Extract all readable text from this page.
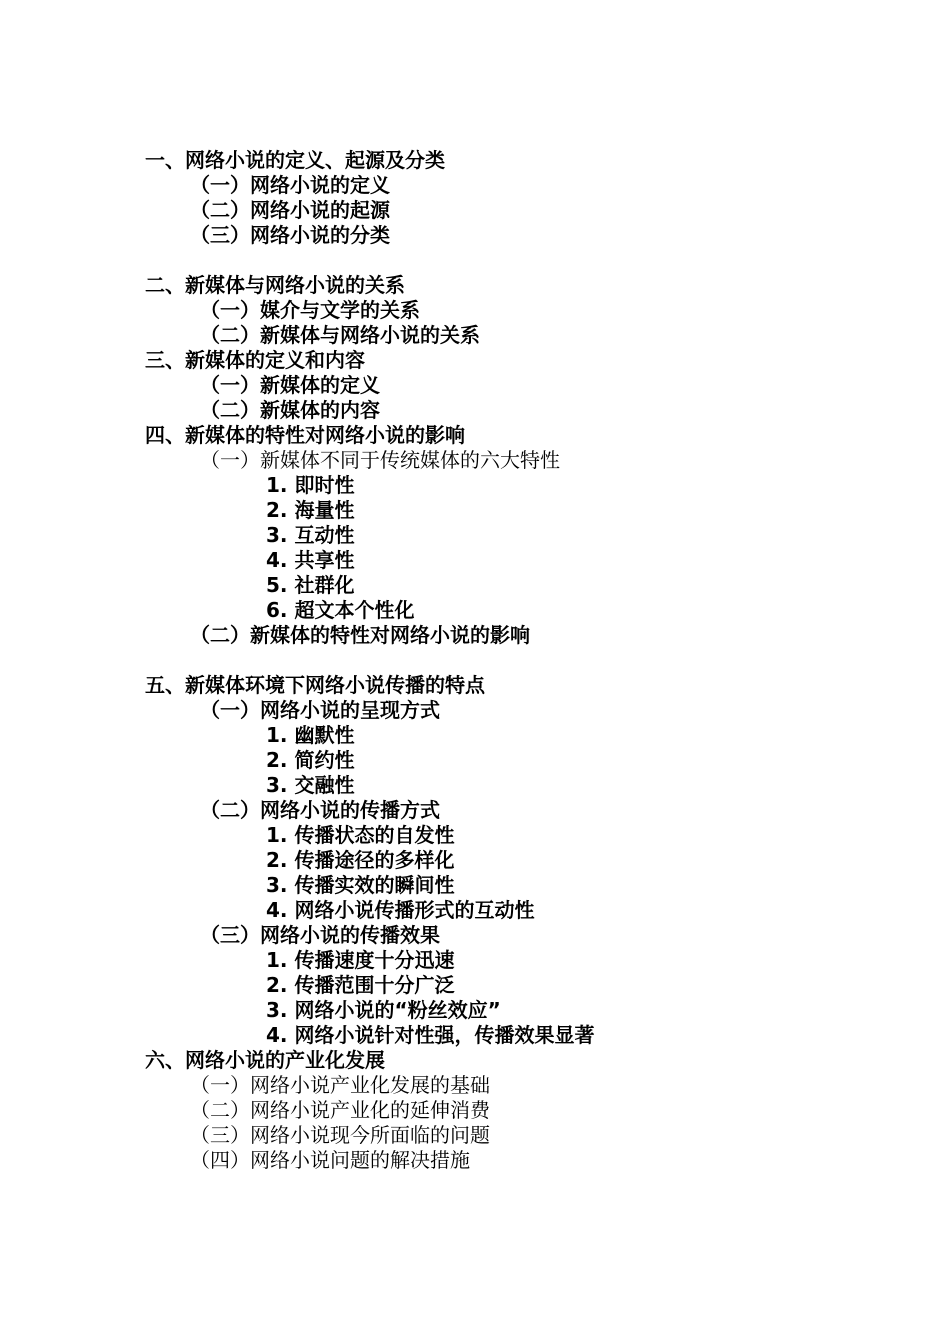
一、网络小说的定义、起源及分类
（一）网络小说的定义
（二）网络小说的起源
（三）网络小说的分类
二、新媒体与网络小说的关系
（一）媒介与文学的关系
（二）新媒体与网络小说的关系
三、新媒体的定义和内容
（一）新媒体的定义
（二）新媒体的内容
四、新媒体的特性对网络小说的影响
（一）新媒体不同于传统媒体的六大特性
1. 即时性
2. 海量性
3. 互动性
4. 共享性
5. 社群化
6. 超文本个性化
（二）新媒体的特性对网络小说的影响
五、新媒体环境下网络小说传播的特点
（一）网络小说的呈现方式
1. 幽默性
2. 简约性
3. 交融性
（二）网络小说的传播方式
1. 传播状态的自发性
2. 传播途径的多样化
3. 传播实效的瞬间性
4. 网络小说传播形式的互动性
（三）网络小说的传播效果
1. 传播速度十分迅速
2. 传播范围十分广泛
3. 网络小说的“粉丝效应”
4. 网络小说针对性强，传播效果显著
六、网络小说的产业化发展
（一）网络小说产业化发展的基础
（二）网络小说产业化的延伸消费
（三）网络小说现今所面临的问题
（四）网络小说问题的解决措施
